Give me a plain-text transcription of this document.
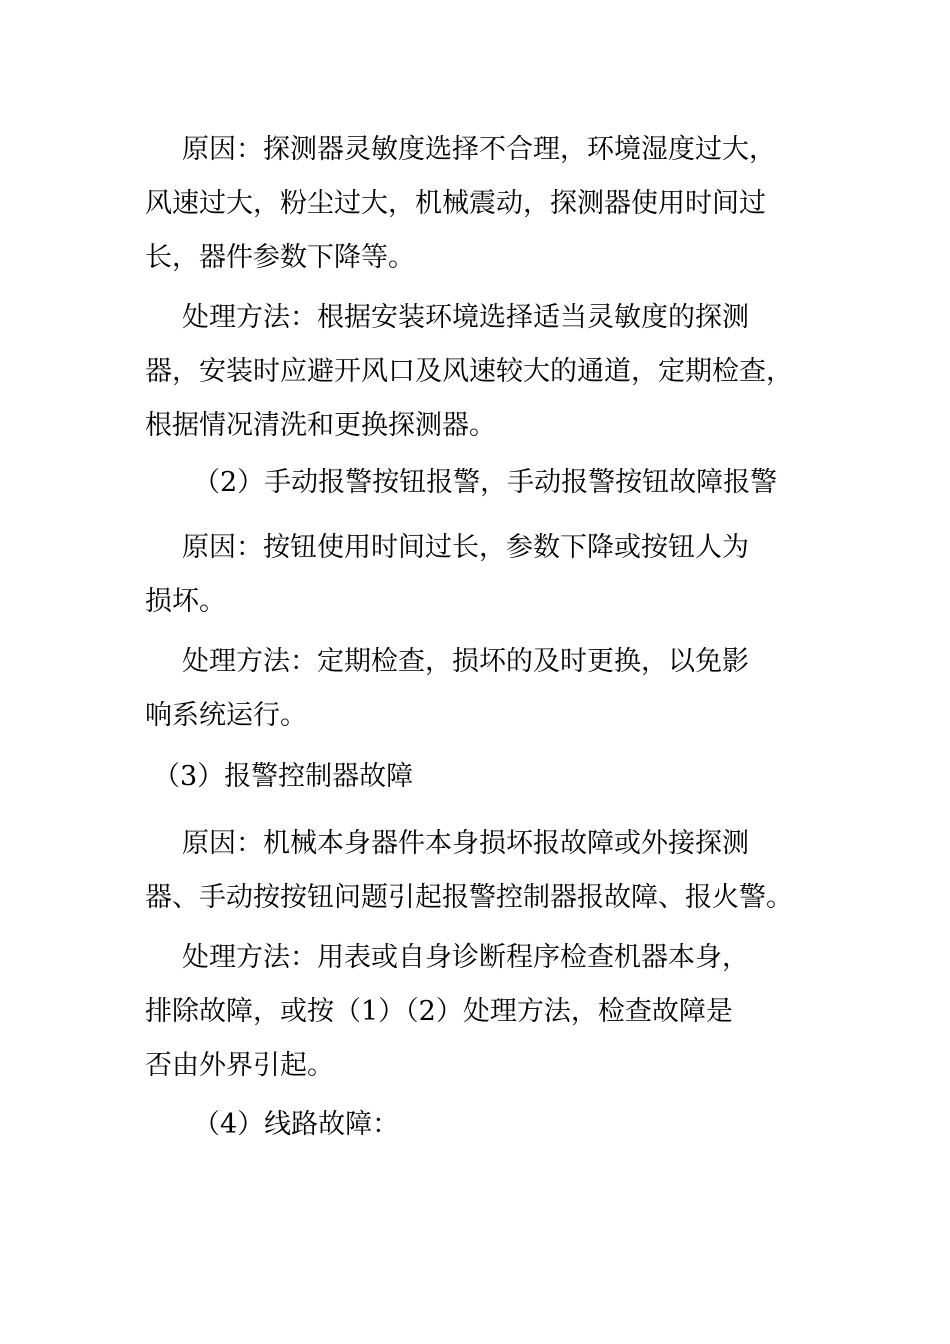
原因：探测器灵敏度选择不合理，环境湿度过大，
风速过大，粉尘过大，机械震动，探测器使用时间过
长，器件参数下降等。
处理方法：根据安装环境选择适当灵敏度的探测
器，安装时应避开风口及风速较大的通道，定期检查，
根据情况清洗和更换探测器。
（2）手动报警按钮报警，手动报警按钮故障报警
原因：按钮使用时间过长，参数下降或按钮人为
损坏。
处理方法：定期检查，损坏的及时更换，以免影
响系统运行。
（3）报警控制器故障
原因：机械本身器件本身损坏报故障或外接探测
器、手动按按钮问题引起报警控制器报故障、报火警。
处理方法：用表或自身诊断程序检查机器本身，
排除故障，或按（1）（2）处理方法，检查故障是
否由外界引起。
（4）线路故障：
